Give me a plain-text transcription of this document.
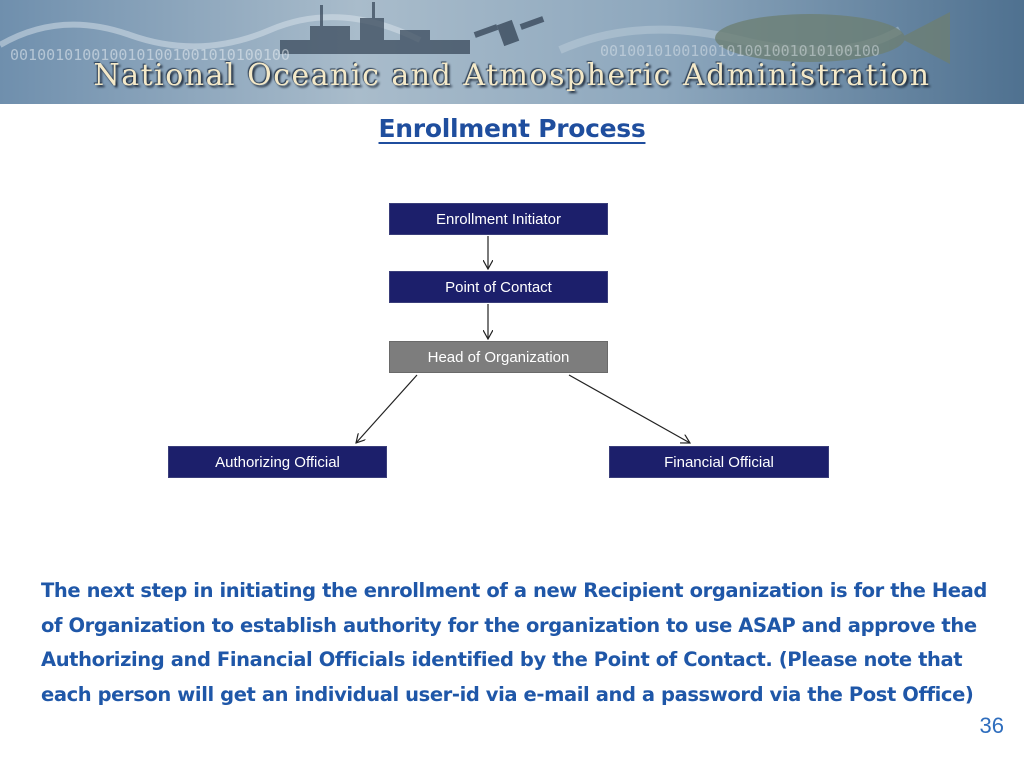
0010010100100101001001010100100	0010010100100101001001010100100
National Oceanic and Atmospheric Administration
Enrollment Process
Enrollment Initiator
Point of Contact
Head of Organization
Authorizing Official	Financial Official
The next step in initiating the enrollment of a new Recipient organization is for the Head of Organization to establish authority for the organization to use ASAP and approve the Authorizing and Financial Officials identified by the Point of Contact. (Please note that each person will get an individual user-id via e-mail and a password via the Post Office)
36
